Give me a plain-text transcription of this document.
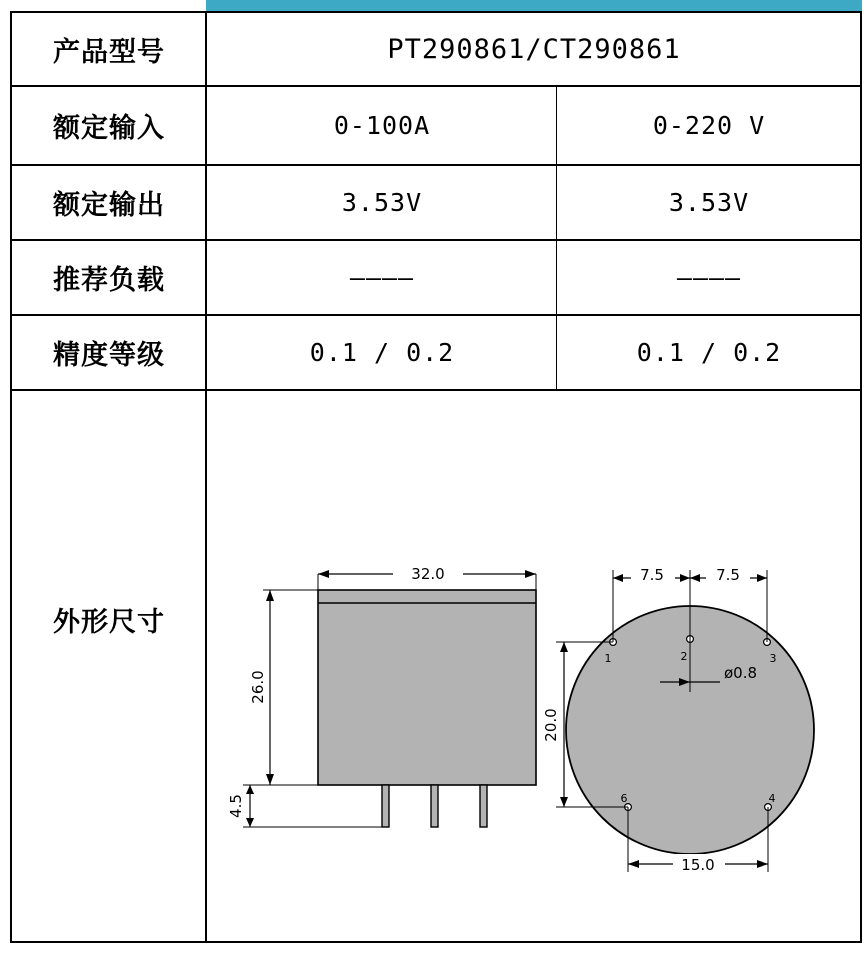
产品型号	PT290861/CT290861
额定输入	0-100A	0-220 V
额定输出	3.53V	3.53V
推荐负载	————	————
精度等级	0.1 / 0.2	0.1 / 0.2
外形尺寸
32.0
26.0
4.5
1	2	3
4
6
ø0.8
7.5	7.5
20.0
15.0
